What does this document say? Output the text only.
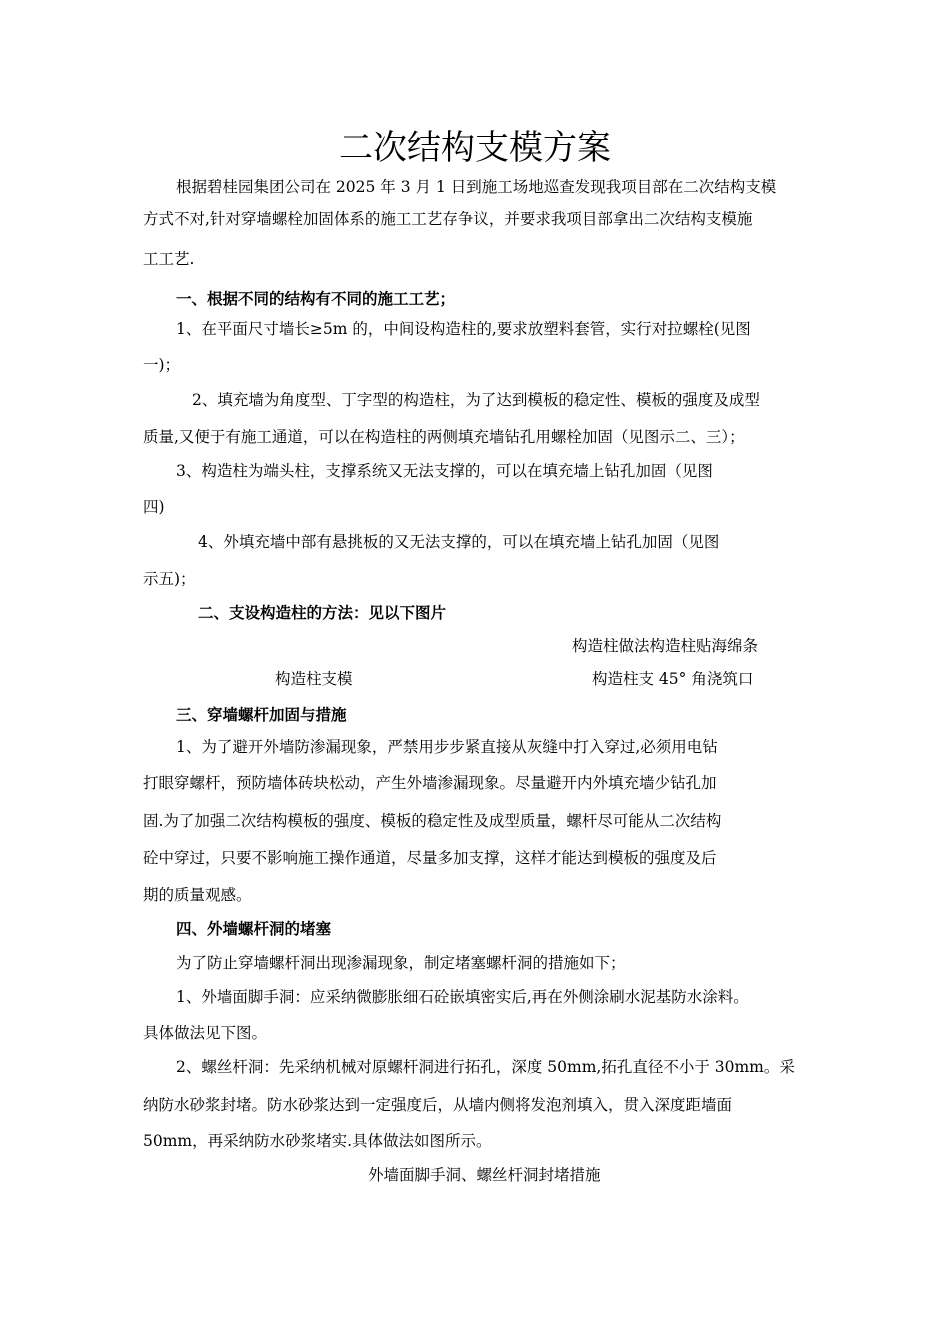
二次结构支模方案
根据碧桂园集团公司在 2025 年 3 月 1 日到施工场地巡查发现我项目部在二次结构支模
方式不对,针对穿墙螺栓加固体系的施工工艺存争议，并要求我项目部拿出二次结构支模施
工工艺.
一、根据不同的结构有不同的施工工艺；
1、在平面尺寸墙长≥5m 的，中间设构造柱的,要求放塑料套管，实行对拉螺栓(见图
一)；
2、填充墙为角度型、丁字型的构造柱，为了达到模板的稳定性、模板的强度及成型
质量,又便于有施工通道，可以在构造柱的两侧填充墙钻孔用螺栓加固（见图示二、三）；
3、构造柱为端头柱，支撑系统又无法支撑的，可以在填充墙上钻孔加固（见图
四)
4、外填充墙中部有悬挑板的又无法支撑的，可以在填充墙上钻孔加固（见图
示五)；
二、支设构造柱的方法：见以下图片
构造柱做法构造柱贴海绵条
构造柱支模	构造柱支 45° 角浇筑口
三、穿墙螺杆加固与措施
1、为了避开外墙防渗漏现象，严禁用步步紧直接从灰缝中打入穿过,必须用电钻
打眼穿螺杆，预防墙体砖块松动，产生外墙渗漏现象。尽量避开内外填充墙少钻孔加
固.为了加强二次结构模板的强度、模板的稳定性及成型质量，螺杆尽可能从二次结构
砼中穿过，只要不影响施工操作通道，尽量多加支撑，这样才能达到模板的强度及后
期的质量观感。
四、外墙螺杆洞的堵塞
为了防止穿墙螺杆洞出现渗漏现象，制定堵塞螺杆洞的措施如下；
1、外墙面脚手洞：应采纳微膨胀细石砼嵌填密实后,再在外侧涂刷水泥基防水涂料。
具体做法见下图。
2、螺丝杆洞：先采纳机械对原螺杆洞进行拓孔，深度 50mm,拓孔直径不小于 30mm。采
纳防水砂浆封堵。防水砂浆达到一定强度后，从墙内侧将发泡剂填入，贯入深度距墙面
50mm，再采纳防水砂浆堵实.具体做法如图所示。
外墙面脚手洞、螺丝杆洞封堵措施
